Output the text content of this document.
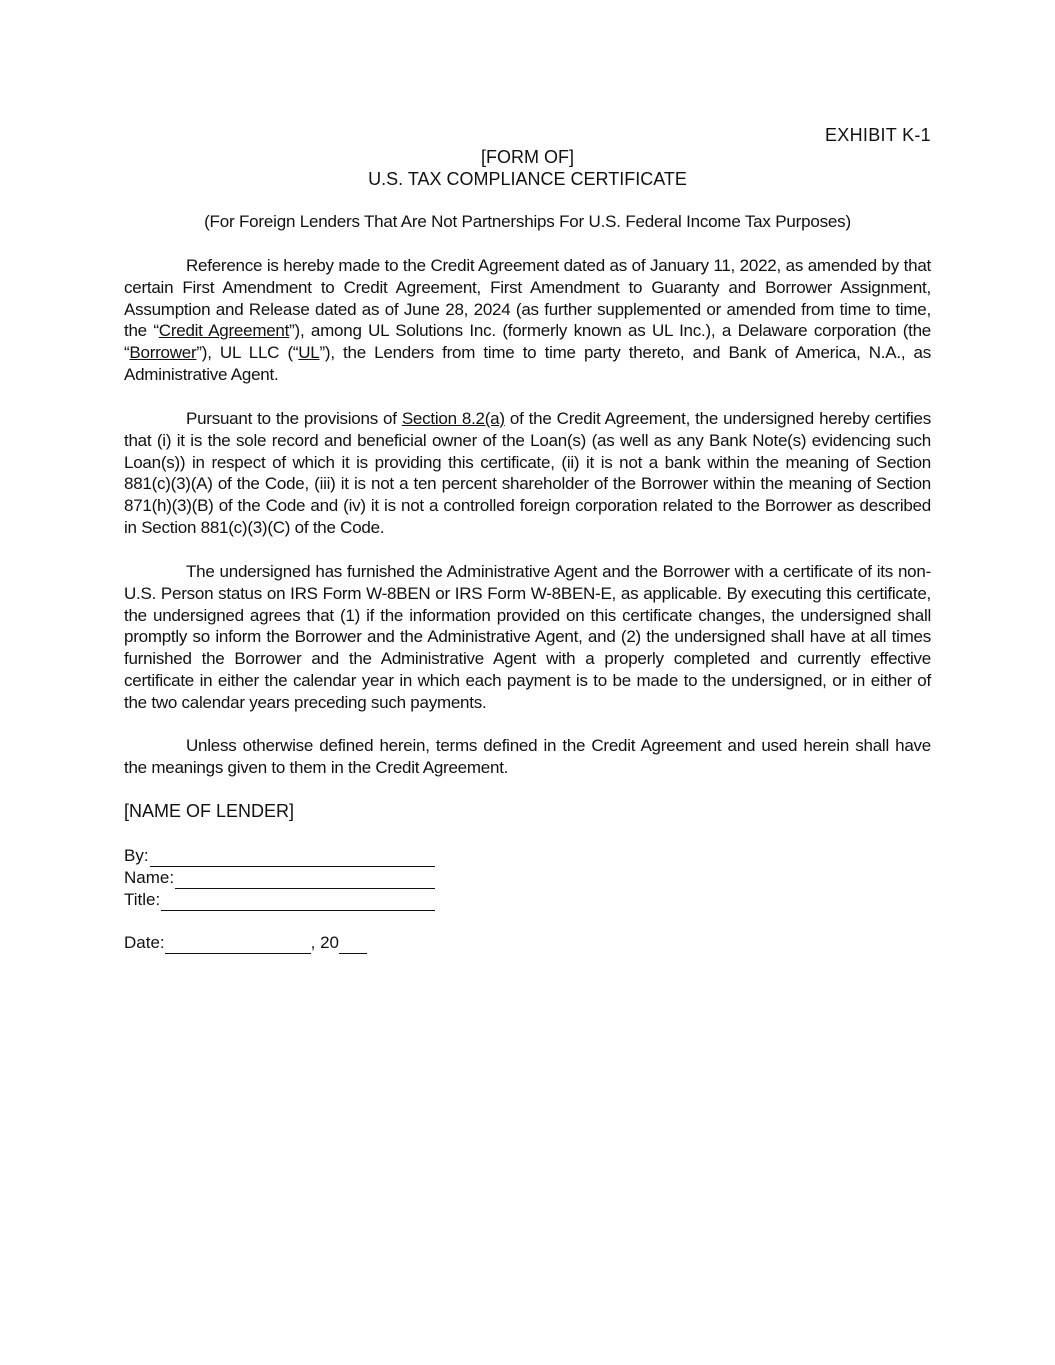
EXHIBIT K-1
[FORM OF]
U.S. TAX COMPLIANCE CERTIFICATE
(For Foreign Lenders That Are Not Partnerships For U.S. Federal Income Tax Purposes)

Reference is hereby made to the Credit Agreement dated as of January 11, 2022, as amended by that certain First Amendment to Credit Agreement, First Amendment to Guaranty and Borrower Assignment, Assumption and Release dated as of June 28, 2024 (as further supplemented or amended from time to time, the “Credit Agreement”), among UL Solutions Inc. (formerly known as UL Inc.), a Delaware corporation (the “Borrower”), UL LLC (“UL”), the Lenders from time to time party thereto, and Bank of America, N.A., as Administrative Agent.

Pursuant to the provisions of Section 8.2(a) of the Credit Agreement, the undersigned hereby certifies that (i) it is the sole record and beneficial owner of the Loan(s) (as well as any Bank Note(s) evidencing such Loan(s)) in respect of which it is providing this certificate, (ii) it is not a bank within the meaning of Section 881(c)(3)(A) of the Code, (iii) it is not a ten percent shareholder of the Borrower within the meaning of Section 871(h)(3)(B) of the Code and (iv) it is not a controlled foreign corporation related to the Borrower as described in Section 881(c)(3)(C) of the Code.

The undersigned has furnished the Administrative Agent and the Borrower with a certificate of its non-U.S. Person status on IRS Form W-8BEN or IRS Form W-8BEN-E, as applicable. By executing this certificate, the undersigned agrees that (1) if the information provided on this certificate changes, the undersigned shall promptly so inform the Borrower and the Administrative Agent, and (2) the undersigned shall have at all times furnished the Borrower and the Administrative Agent with a properly completed and currently effective certificate in either the calendar year in which each payment is to be made to the undersigned, or in either of the two calendar years preceding such payments.

Unless otherwise defined herein, terms defined in the Credit Agreement and used herein shall have the meanings given to them in the Credit Agreement.

[NAME OF LENDER]
By:
Name:
Title:
Date:	, 20
